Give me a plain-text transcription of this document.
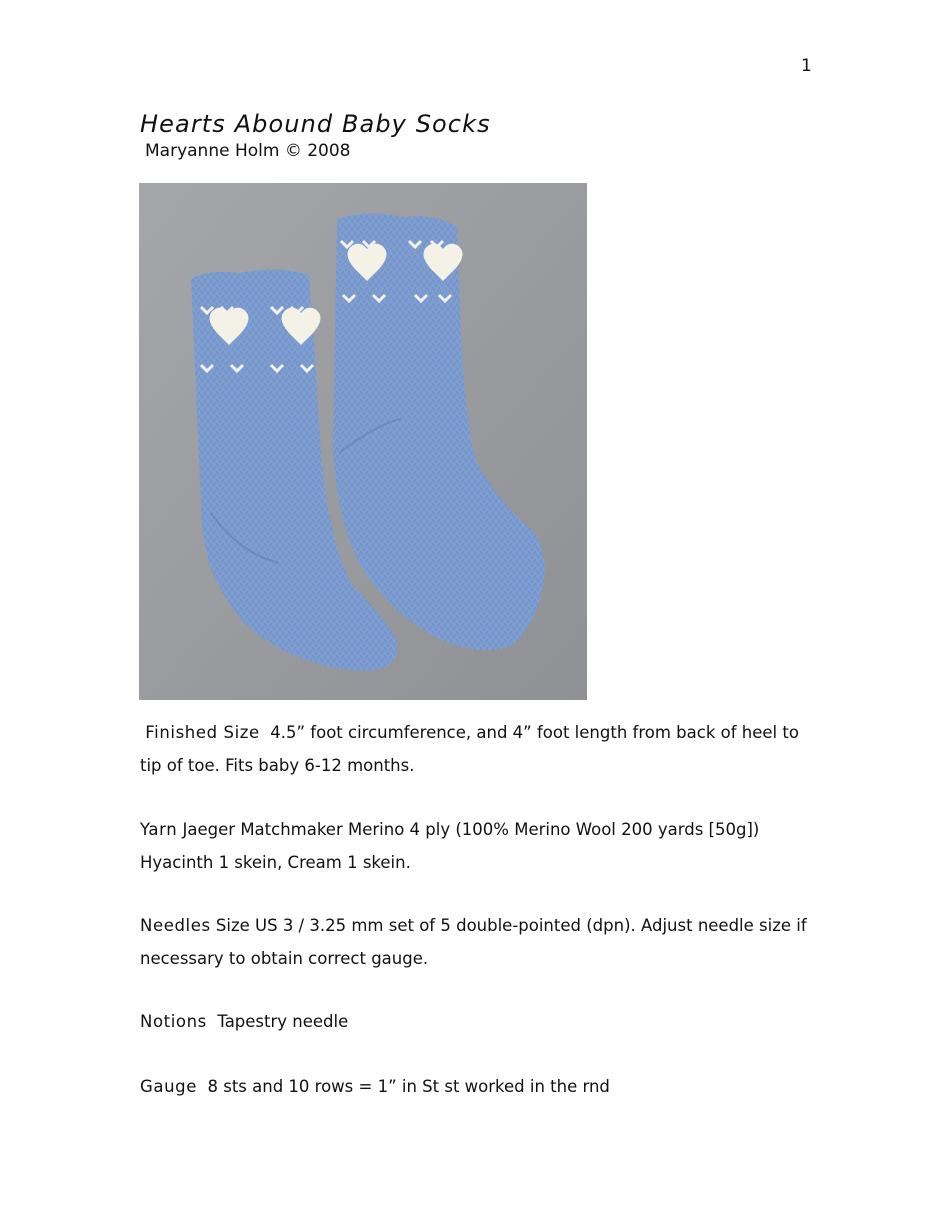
1
Hearts Abound Baby Socks
Maryanne Holm © 2008
Finished Size 4.5” foot circumference, and 4” foot length from back of heel to tip of toe. Fits baby 6-12 months.
Yarn Jaeger Matchmaker Merino 4 ply (100% Merino Wool 200 yards [50g]) Hyacinth 1 skein, Cream 1 skein.
Needles Size US 3 / 3.25 mm set of 5 double-pointed (dpn). Adjust needle size if necessary to obtain correct gauge.
Notions Tapestry needle
Gauge 8 sts and 10 rows = 1” in St st worked in the rnd
